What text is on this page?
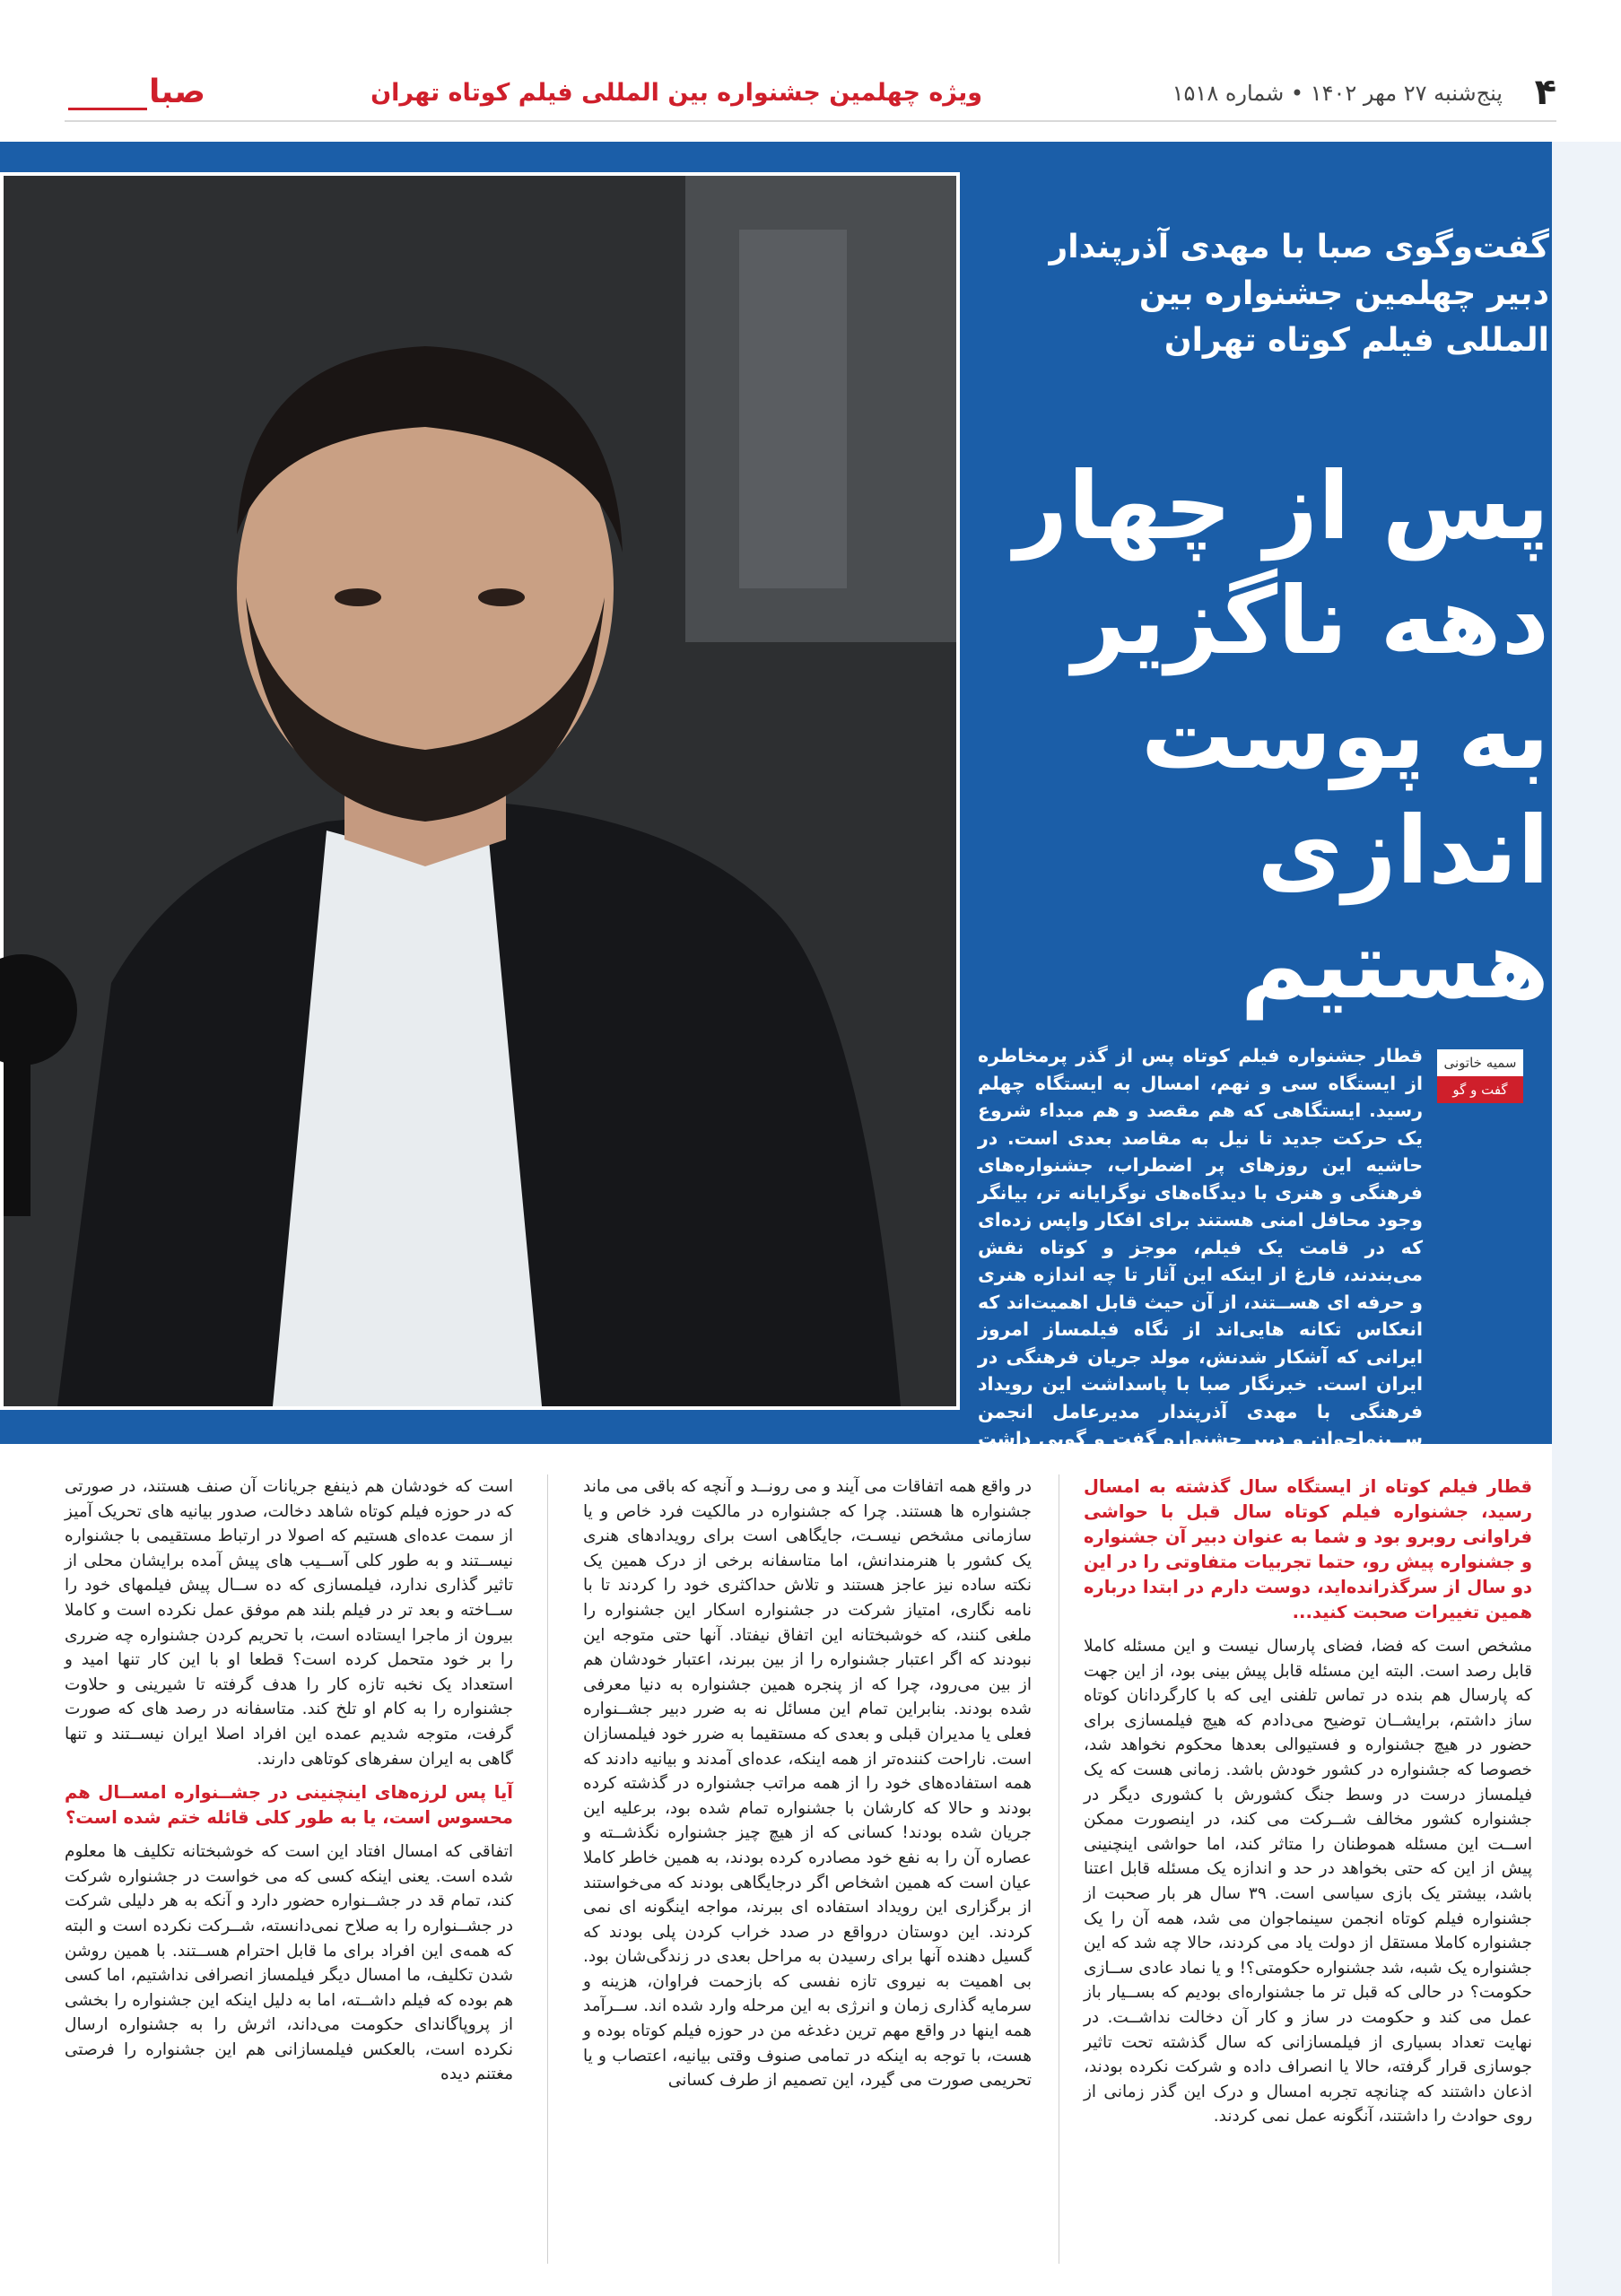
۴
پنج‌شنبه ۲۷ مهر ۱۴۰۲ • شماره ۱۵۱۸
ویژه چهلمین جشنواره بین المللی فیلم کوتاه تهران
صبا
گفت‌وگوی صبا با مهدی آذرپندار دبیر چهلمین جشنواره بین المللی فیلم کوتاه تهران
پس از چهار دهه ناگزیر به پوست اندازی هستیم
سمیه خاتونی
گفت و گو
قطار جشنواره فیلم کوتاه پس از گذر پرمخاطره از ایستگاه سی و نهم، امسال به ایستگاه چهلم رسید. ایستگاهی که هم مقصد و هم مبداء شروع یک حرکت جدید تا نیل به مقاصد بعدی است. در حاشیه این روزهای پر اضطراب، جشنواره‌های فرهنگی و هنری با دیدگاه‌های نوگرایانه تر، بیانگر وجود محافل امنی هستند برای افکار واپس زده‌ای که در قامت یک فیلم، موجز و کوتاه نقش می‌بندند، فارغ از اینکه این آثار تا چه اندازه هنری و حرفه ای هســتند، از آن حیث قابل اهمیت‌اند که انعکاس تکانه هایی‌اند از نگاه فیلمساز امروز ایرانی که آشکار شدنش، مولد جریان فرهنگی در ایران است. خبرنگار صبا با پاسداشت این رویداد فرهنگی با مهدی آذرپندار مدیرعامل انجمن ســینماجوان و دبیر جشنواره گفت و گویی داشت که در ادامه می خوانید.

قطار فیلم کوتاه از ایستگاه سال گذشته به امسال رسید، جشنواره فیلم کوتاه سال قبل با حواشی فراوانی روبرو بود و شما به عنوان دبیر آن جشنواره و جشنواره پیش رو، حتما تجربیات متفاوتی را در این دو سال از سرگذرانده‌اید، دوست دارم در ابتدا درباره همین تغییرات صحبت کنید...

مشخص است که فضا، فضای پارسال نیست و این مسئله کاملا قابل رصد است. البته این مسئله قابل پیش بینی بود، از این جهت که پارسال هم بنده در تماس تلفنی ایی که با کارگردانان کوتاه ساز داشتم، برایشــان توضیح می‌دادم که هیچ فیلمسازی برای حضور در هیچ جشنواره و فستیوالی بعدها محکوم نخواهد شد، خصوصا که جشنواره در کشور خودش باشد. زمانی هست که یک فیلمساز درست در وسط جنگ کشورش با کشوری دیگر در جشنواره کشور مخالف شــرکت می کند، در اینصورت ممکن اســت این مسئله هموطنان را متاثر کند، اما حواشی اینچنینی پیش از این که حتی بخواهد در حد و اندازه یک مسئله قابل اعتنا باشد، بیشتر یک بازی سیاسی است. ۳۹ سال هر بار صحبت از جشنواره فیلم کوتاه انجمن سینماجوان می شد، همه آن را یک جشنواره کاملا مستقل از دولت یاد می کردند، حالا چه شد که این جشنواره یک شبه، شد جشنواره حکومتی؟! و یا نماد عادی ســازی حکومت؟ در حالی که قبل تر ما جشنواره‌ای بودیم که بســیار باز عمل می کند و حکومت در ساز و کار آن دخالت نداشــت. در نهایت تعداد بسیاری از فیلمسازانی که سال گذشته تحت تاثیر جوسازی قرار گرفته، حالا یا انصراف داده و شرکت نکرده بودند، اذعان داشتند که چنانچه تجربه امسال و درک این گذر زمانی از روی حوادث را داشتند، آنگونه عمل نمی کردند.

در واقع همه اتفاقات می آیند و می رونــد و آنچه که باقی می ماند جشنواره ها هستند. چرا که جشنواره در مالکیت فرد خاص و یا سازمانی مشخص نیسـت، جایگاهی است برای رویدادهای هنری یک کشور با هنرمندانش، اما متاسفانه برخی از درک همین یک نکته ساده نیز عاجز هستند و تلاش حداکثری خود را کردند تا با نامه نگاری، امتیاز شرکت در جشنواره اسکار این جشنواره را ملغی کنند، که خوشبختانه این اتفاق نیفتاد. آنها حتی متوجه این نبودند که اگر اعتبار جشنواره را از بین ببرند، اعتبار خودشان هم از بین می‌رود، چرا که از پنجره همین جشنواره به دنیا معرفی شده بودند. بنابراین تمام این مسائل نه به ضرر دبیر جشــنواره فعلی یا مدیران قبلی و بعدی که مستقیما به ضرر خود فیلمسازان است. ناراحت کننده‌تر از همه اینکه، عده‌ای آمدند و بیانیه دادند که همه استفاده‌های خود را از همه مراتب جشنواره در گذشته کرده بودند و حالا که کارشان با جشنواره تمام شده بود، برعلیه این جریان شده بودند! کسانی که از هیچ چیز جشنواره نگذشــته و عصاره آن را به نفع خود مصادره کرده بودند، به همین خاطر کاملا عیان است که همین اشخاص اگر درجایگاهی بودند که می‌خواستند از برگزاری این رویداد استفاده ای ببرند، مواجه اینگونه ای نمی کردند. این دوستان درواقع در صدد خراب کردن پلی بودند که گسیل دهنده آنها برای رسیدن به مراحل بعدی در زندگی‌شان بود. بی اهمیت به نیروی تازه نفسی که بازحمت فراوان، هزینه و سرمایه گذاری زمان و انرژی به این مرحله وارد شده اند. ســرآمد همه اینها در واقع مهم ترین دغدغه من در حوزه فیلم کوتاه بوده و هست، با توجه به اینکه در تمامی صنوف وقتی بیانیه، اعتصاب و یا تحریمی صورت می گیرد، این تصمیم از طرف کسانی

است که خودشان هم ذینفع جریانات آن صنف هستند، در صورتی که در حوزه فیلم کوتاه شاهد دخالت، صدور بیانیه های تحریک آمیز از سمت عده‌ای هستیم که اصولا در ارتباط مستقیمی با جشنواره نیســتند و به طور کلی آســیب های پیش آمده برایشان محلی از تاثیر گذاری ندارد، فیلمسازی که ده ســال پیش فیلمهای خود را ســاخته و بعد تر در فیلم بلند هم موفق عمل نکرده است و کاملا بیرون از ماجرا ایستاده است، با تحریم کردن جشنواره چه ضرری را بر خود متحمل کرده است؟ قطعا او با این کار تنها امید و استعداد یک نخبه تازه کار را هدف گرفته تا شیرینی و حلاوت جشنواره را به کام او تلخ کند. متاسفانه در رصد های که صورت گرفت، متوجه شدیم عمده این افراد اصلا ایران نیســتند و تنها گاهی به ایران سفرهای کوتاهی دارند.

آیا پس لرزه‌های اینچنینی در جشــنواره امســال هم محسوس است، یا به طور کلی قائله ختم شده است؟

اتفاقی که امسال افتاد این است که خوشبختانه تکلیف ها معلوم شده است. یعنی اینکه کسی که می خواست در جشنواره شرکت کند، تمام قد در جشــنواره حضور دارد و آنکه به هر دلیلی شرکت در جشــنواره را به صلاح نمی‌دانسته، شــرکت نکرده است و البته که همه‌ی این افراد برای ما قابل احترام هســتند. با همین روشن شدن تکلیف، ما امسال دیگر فیلمساز انصرافی نداشتیم، اما کسی هم بوده که فیلم داشــته، اما به دلیل اینکه این جشنواره را بخشی از پروپاگاندای حکومت می‌داند، اثرش را به جشنواره ارسال نکرده است، بالعکس فیلمسازانی هم این جشنواره را فرصتی مغتنم دیده
